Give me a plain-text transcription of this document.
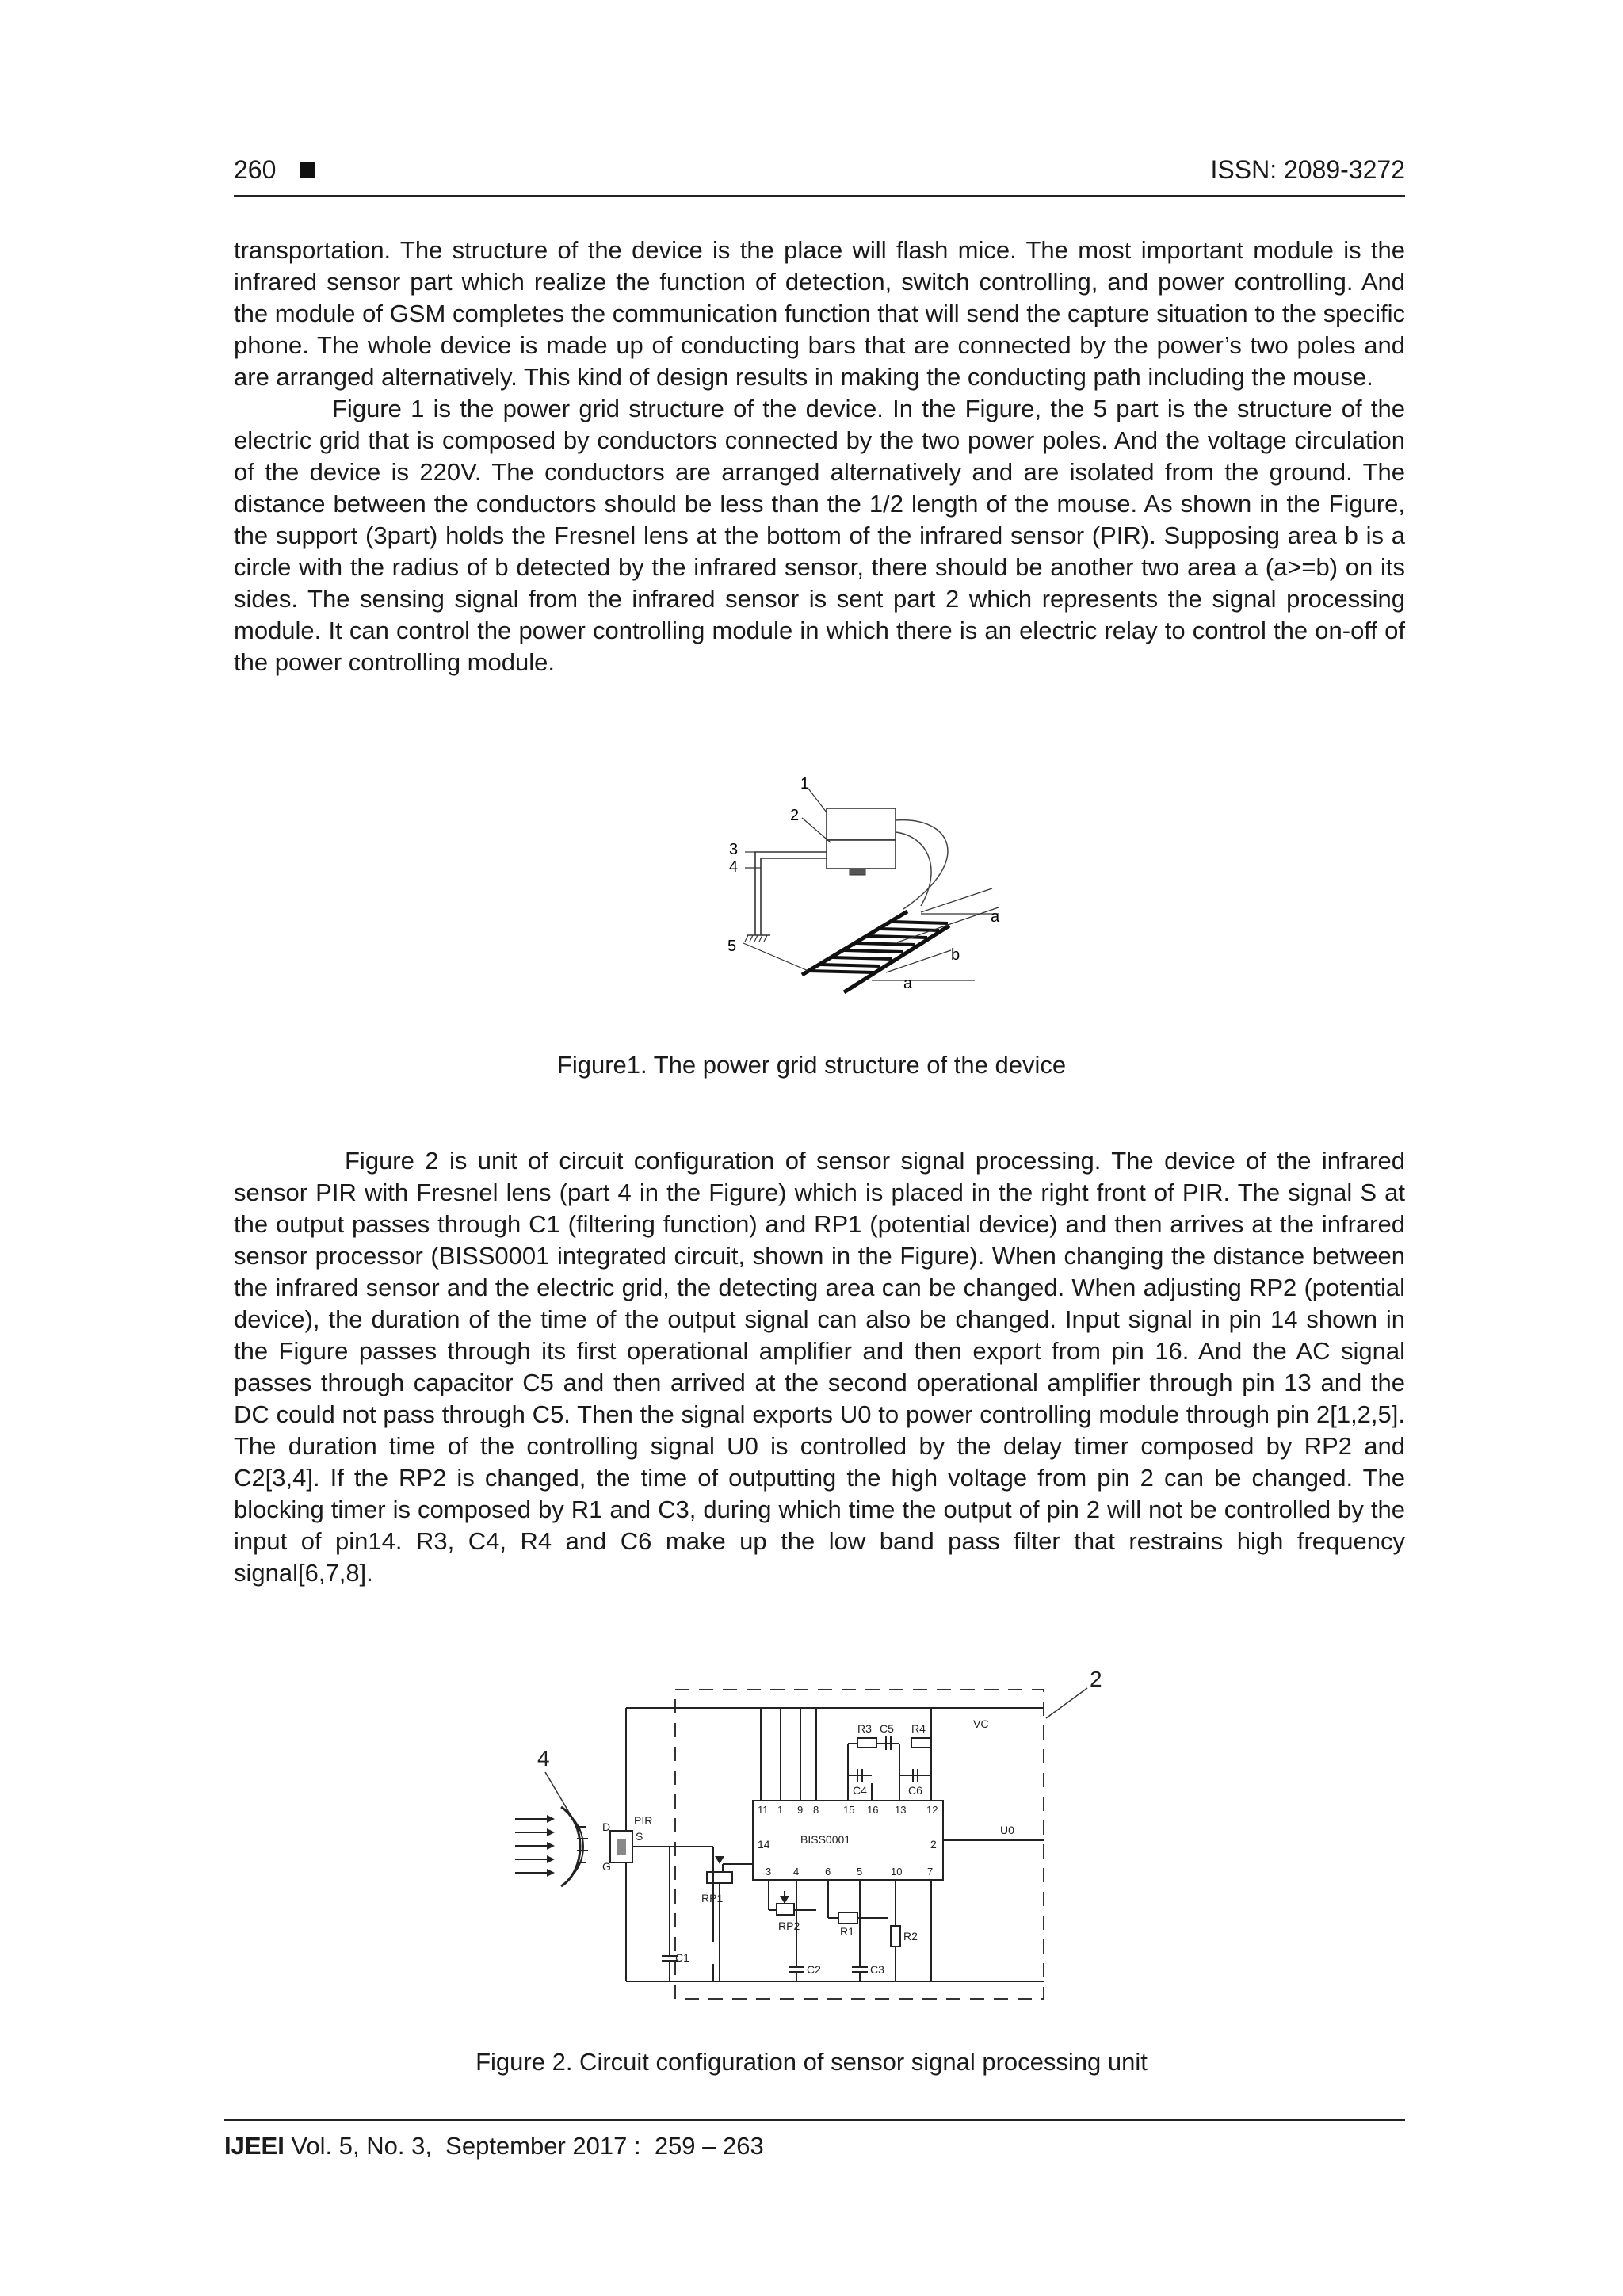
260	ISSN: 2089-3272

transportation. The structure of the device is the place will flash mice. The most important module is the infrared sensor part which realize the function of detection, switch controlling, and power controlling. And the module of GSM completes the communication function that will send the capture situation to the specific phone. The whole device is made up of conducting bars that are connected by the power’s two poles and are arranged alternatively. This kind of design results in making the conducting path including the mouse.

Figure 1 is the power grid structure of the device. In the Figure, the 5 part is the structure of the electric grid that is composed by conductors connected by the two power poles. And the voltage circulation of the device is 220V. The conductors are arranged alternatively and are isolated from the ground. The distance between the conductors should be less than the 1/2 length of the mouse. As shown in the Figure, the support (3part) holds the Fresnel lens at the bottom of the infrared sensor (PIR). Supposing area b is a circle with the radius of b detected by the infrared sensor, there should be another two area a (a>=b) on its sides. The sensing signal from the infrared sensor is sent part 2 which represents the signal processing module. It can control the power controlling module in which there is an electric relay to control the on-off of the power controlling module.

1
2
3
4
5
a
b
a
Figure1. The power grid structure of the device

Figure 2 is unit of circuit configuration of sensor signal processing. The device of the infrared sensor PIR with Fresnel lens (part 4 in the Figure) which is placed in the right front of PIR. The signal S at the output passes through C1 (filtering function) and RP1 (potential device) and then arrives at the infrared sensor processor (BISS0001 integrated circuit, shown in the Figure). When changing the distance between the infrared sensor and the electric grid, the detecting area can be changed. When adjusting RP2 (potential device), the duration of the time of the output signal can also be changed. Input signal in pin 14 shown in the Figure passes through its first operational amplifier and then export from pin 16. And the AC signal passes through capacitor C5 and then arrived at the second operational amplifier through pin 13 and the DC could not pass through C5. Then the signal exports U0 to power controlling module through pin 2[1,2,5]. The duration time of the controlling signal U0 is controlled by the delay timer composed by RP2 and C2[3,4]. If the RP2 is changed, the time of outputting the high voltage from pin 2 can be changed. The blocking timer is composed by R1 and C3, during which time the output of pin 2 will not be controlled by the input of pin14. R3, C4, R4 and C6 make up the low band pass filter that restrains high frequency signal[6,7,8].

2
4
D
G
PIR
S
R3 C5 R4
C4	C6
VC
U0
BISS0001
14	2
RP1
RP2	R1	R2
C1
C2	C3
11 1 9 8 15 16 13 12
3 4	6	5	10 7
Figure 2. Circuit configuration of sensor signal processing unit
IJEEI Vol. 5, No. 3,  September 2017 :  259 – 263
